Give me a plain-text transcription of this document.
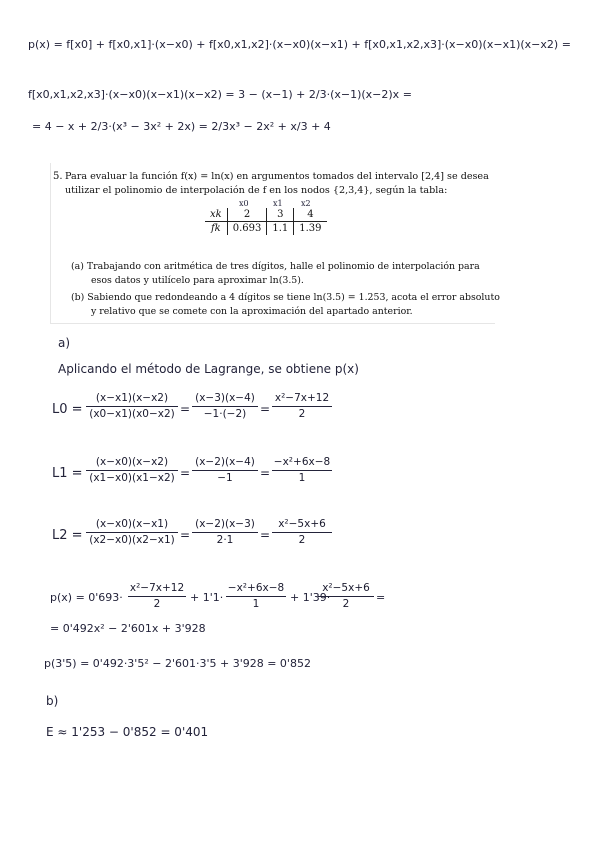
p(x) = f[x0] + f[x0,x1]·(x−x0) + f[x0,x1,x2]·(x−x0)(x−x1) + f[x0,x1,x2,x3]·(x−x0)(x−x1)(x−x2) =
f[x0,x1,x2,x3]·(x−x0)(x−x1)(x−x2) = 3 − (x−1) + 2/3·(x−1)(x−2)x =
= 4 − x + 2/3·(x³ − 3x² + 2x) = 2/3x³ − 2x² + x/3 + 4
5. Para evaluar la función f(x) = ln(x) en argumentos tomados del intervalo [2,4] se desea
utilizar el polinomio de interpolación de f en los nodos {2,3,4}, según la tabla:
x0	x1 x2
xk	2	3	4
fk	0.693	1.1	1.39
(a) Trabajando con aritmética de tres dígitos, halle el polinomio de interpolación para
esos datos y utilícelo para aproximar ln(3.5).
(b) Sabiendo que redondeando a 4 dígitos se tiene ln(3.5) = 1.253, acota el error absoluto
y relativo que se comete con la aproximación del apartado anterior.
a)
Aplicando el método de Lagrange, se obtiene p(x)
L0 =
(x−x1)(x−x2)
(x0−x1)(x0−x2) =
(x−3)(x−4)
−1·(−2)	=
x²−7x+12
2
L1 =
(x−x0)(x−x2)
(x1−x0)(x1−x2) =
(x−2)(x−4)
−1	=
−x²+6x−8
1
L2 =
(x−x0)(x−x1)
(x2−x0)(x2−x1) =
(x−2)(x−3)
2·1	=
x²−5x+6
2
p(x) = 0'693·
x²−7x+12
2	+ 1'1·
−x²+6x−8
1	+ 1'39·
x²−5x+6
2	=
= 0'492x² − 2'601x + 3'928
p(3'5) = 0'492·3'5² − 2'601·3'5 + 3'928 = 0'852
b)
E ≈ 1'253 − 0'852 = 0'401
